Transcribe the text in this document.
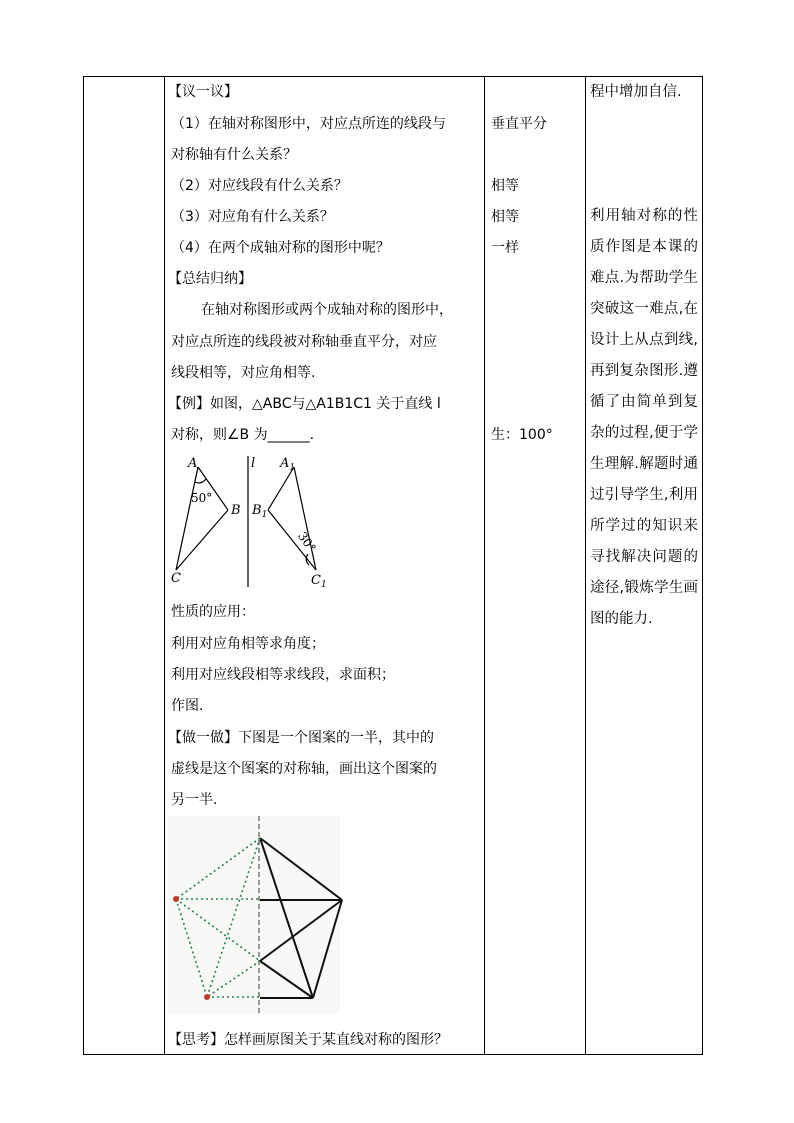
【议一议】
（1）在轴对称图形中，对应点所连的线段与
对称轴有什么关系？
（2）对应线段有什么关系？
（3）对应角有什么关系？
（4）在两个成轴对称的图形中呢？
【总结归纳】
在轴对称图形或两个成轴对称的图形中，
对应点所连的线段被对称轴垂直平分，对应
线段相等，对应角相等.
【例】如图，△ABC与△A1B1C1 关于直线 l
对称，则∠B 为______.
A
B
C
l $A_1$
$B_1$
$C_1$
50°
30°
性质的应用：
利用对应角相等求角度；
利用对应线段相等求线段，求面积；
作图.
【做一做】下图是一个图案的一半，其中的
虚线是这个图案的对称轴，画出这个图案的
另一半.
【思考】怎样画原图关于某直线对称的图形？
垂直平分
相等
相等
一样
生：100°

程中增加自信.

利用轴对称的性质作图是本课的难点.为帮助学生突破这一难点,在设计上从点到线,再到复杂图形.遵循了由简单到复杂的过程,便于学生理解.解题时通过引导学生,利用所学过的知识来寻找解决问题的途径,锻炼学生画图的能力.
